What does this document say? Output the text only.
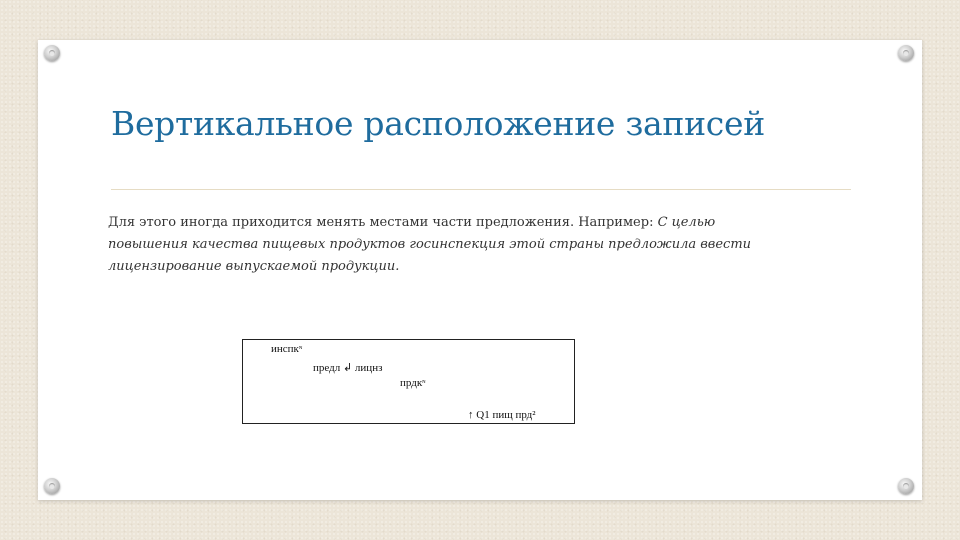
Вертикальное расположение записей

Для этого иногда приходится менять местами части предложения. Например: С целью повышения качества пищевых продуктов госинспекция этой страны предложила ввести лицензирование выпускаемой продукции.

инспкᶰ
предл ↲ лицнз
прдкᶰ
↑ Q1 пищ прд²
